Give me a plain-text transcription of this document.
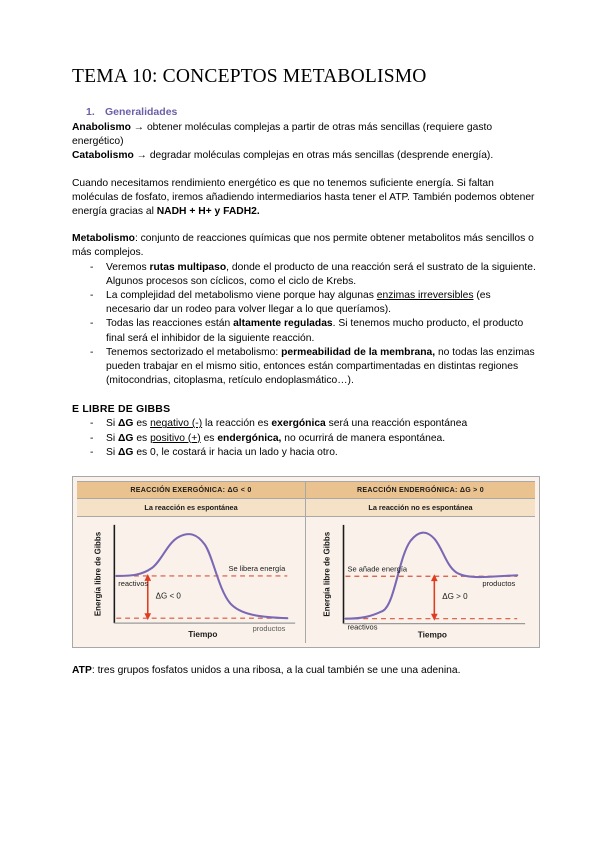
TEMA 10: CONCEPTOS METABOLISMO
1. Generalidades
Anabolismo → obtener moléculas complejas a partir de otras más sencillas (requiere gasto energético)
Catabolismo → degradar moléculas complejas en otras más sencillas (desprende energía).
Cuando necesitamos rendimiento energético es que no tenemos suficiente energía. Si faltan moléculas de fosfato, iremos añadiendo intermediarios hasta tener el ATP. También podemos obtener energía gracias al NADH + H+ y FADH2.
Metabolismo: conjunto de reacciones químicas que nos permite obtener metabolitos más sencillos o más complejos.
- Veremos rutas multipaso, donde el producto de una reacción será el sustrato de la siguiente. Algunos procesos son cíclicos, como el ciclo de Krebs.
- La complejidad del metabolismo viene porque hay algunas enzimas irreversibles (es necesario dar un rodeo para volver llegar a lo que queríamos).
- Todas las reacciones están altamente reguladas. Si tenemos mucho producto, el producto final será el inhibidor de la siguiente reacción.
- Tenemos sectorizado el metabolismo: permeabilidad de la membrana, no todas las enzimas pueden trabajar en el mismo sitio, entonces están compartimentadas en distintas regiones (mitocondrias, citoplasma, retículo endoplasmático…).
E LIBRE DE GIBBS
- Si ΔG es negativo (-) la reacción es exergónica será una reacción espontánea
- Si ΔG es positivo (+) es endergónica, no ocurrirá de manera espontánea.
- Si ΔG es 0, le costará ir hacia un lado y hacia otro.
REACCIÓN EXERGÓNICA: ΔG < 0
La reacción es espontánea
Energía libre de Gibbs
Tiempo
reactivos
productos
Se libera energía
ΔG < 0
REACCIÓN ENDERGÓNICA: ΔG > 0
La reacción no es espontánea
Energía libre de Gibbs
Tiempo
Se añade energía
reactivos
productos
ΔG > 0
ATP: tres grupos fosfatos unidos a una ribosa, a la cual también se une una adenina.
